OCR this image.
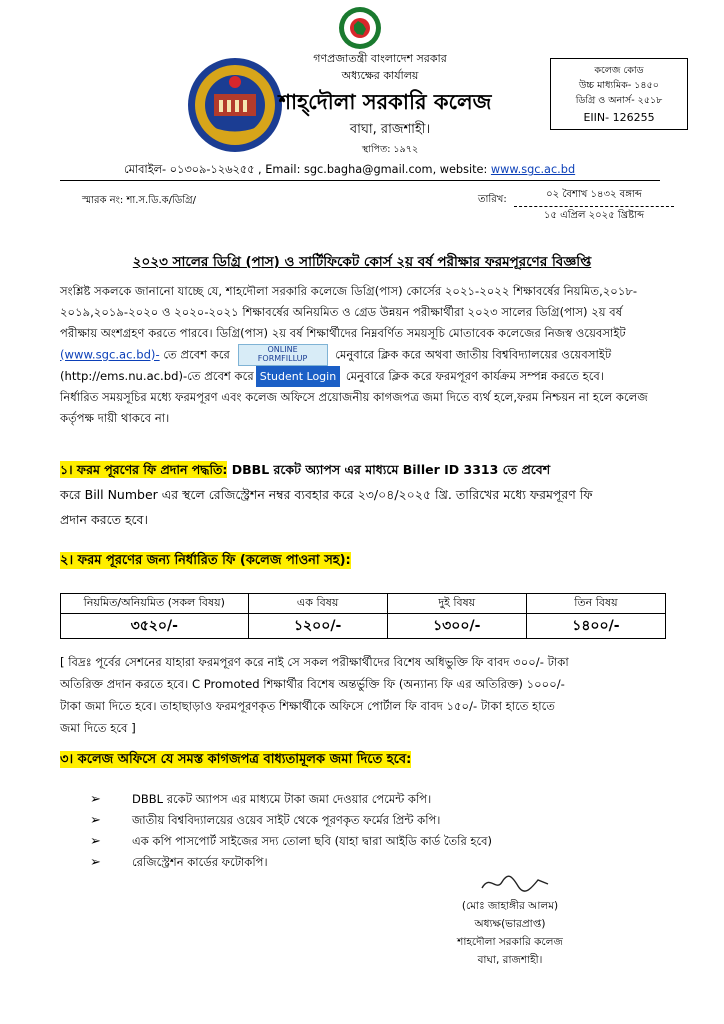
গণপ্রজাতন্ত্রী বাংলাদেশ সরকার
অধ্যক্ষের কার্যালয়
শাহ্‌দৌলা সরকারি কলেজ
বাঘা, রাজশাহী।
স্থাপিত: ১৯৭২
কলেজ কোড
উচ্চ মাধ্যমিক- ১৪৫০
ডিগ্রি ও অনার্স- ২৫১৮
EIIN- 126255
মোবাইল- ০১৩০৯-১২৬২৫৫ , Email: sgc.bagha@gmail.com, website: www.sgc.ac.bd
স্মারক নং: শা.স.ডি.ক/ডিগ্রি/	তারিখ:	০২ বৈশাখ ১৪৩২ বঙ্গাব্দ
১৫ এপ্রিল ২০২৫ খ্রিষ্টাব্দ
২০২৩ সালের ডিগ্রি (পাস) ও সার্টিফিকেট কোর্স ২য় বর্ষ পরীক্ষার ফরমপূরণের বিজ্ঞপ্তি
সংশ্লিষ্ট সকলকে জানানো যাচ্ছে যে, শাহদৌলা সরকারি কলেজে ডিগ্রি(পাস) কোর্সের ২০২১-২০২২ শিক্ষাবর্ষের নিয়মিত,২০১৮-
২০১৯,২০১৯-২০২০ ও ২০২০-২০২১ শিক্ষাবর্ষের অনিয়মিত ও গ্রেড উন্নয়ন পরীক্ষার্থীরা ২০২৩ সালের ডিগ্রি(পাস) ২য় বর্ষ
পরীক্ষায় অংশগ্রহণ করতে পারবে। ডিগ্রি(পাস) ২য় বর্ষ শিক্ষার্থীদের নিম্নবর্ণিত সময়সূচি মোতাবেক কলেজের নিজস্ব ওয়েবসাইট
(www.sgc.ac.bd)- তে প্রবেশ করে	ONLINE
FORMFILLUP	মেনুবারে ক্লিক করে অথবা জাতীয় বিশ্ববিদ্যালয়ের ওয়েবসাইট
(http://ems.nu.ac.bd)-তে প্রবেশ করে Student Login মেনুবারে ক্লিক করে ফরমপূরণ কার্যক্রম সম্পন্ন করতে হবে।
নির্ধারিত সময়সূচির মধ্যে ফরমপূরণ এবং কলেজ অফিসে প্রয়োজনীয় কাগজপত্র জমা দিতে ব্যর্থ হলে,ফরম নিশ্চয়ন না হলে কলেজ
কর্তৃপক্ষ দায়ী থাকবে না।
১। ফরম পূরণের ফি প্রদান পদ্ধতি: DBBL রকেট অ্যাপস এর মাধ্যমে Biller ID 3313 তে প্রবেশ
করে Bill Number এর স্থলে রেজিস্ট্রেশন নম্বর ব্যবহার করে ২৩/০৪/২০২৫ খ্রি. তারিখের মধ্যে ফরমপূরণ ফি
প্রদান করতে হবে।
২। ফরম পূরণের জন্য নির্ধারিত ফি (কলেজ পাওনা সহ):
নিয়মিত/অনিয়মিত (সকল বিষয়)	এক বিষয়	দুই বিষয়	তিন বিষয়
৩৫২০/-	১২০০/-	১৩০০/-	১৪০০/-
[ বিদ্রঃ পূর্বের সেশনের যাহারা ফরমপূরণ করে নাই সে সকল পরীক্ষার্থীদের বিশেষ অধিভুক্তি ফি বাবদ ৩০০/- টাকা
অতিরিক্ত প্রদান করতে হবে। C Promoted শিক্ষার্থীর বিশেষ অন্তর্ভুক্তি ফি (অন্যান্য ফি এর অতিরিক্ত) ১০০০/-
টাকা জমা দিতে হবে। তাহাছাড়াও ফরমপূরণকৃত শিক্ষার্থীকে অফিসে পোর্টাল ফি বাবদ ১৫০/- টাকা হাতে হাতে
জমা দিতে হবে ]
৩। কলেজ অফিসে যে সমস্ত কাগজপত্র বাধ্যতামূলক জমা দিতে হবে:
➢	DBBL রকেট অ্যাপস এর মাধ্যমে টাকা জমা দেওয়ার পেমেন্ট কপি।
➢	জাতীয় বিশ্ববিদ্যালয়ের ওয়েব সাইট থেকে পূরণকৃত ফর্মের প্রিন্ট কপি।
➢	এক কপি পাসপোর্ট সাইজের সদ্য তোলা ছবি (যাহা দ্বারা আইডি কার্ড তৈরি হবে)
➢	রেজিস্ট্রেশন কার্ডের ফটোকপি।
(মোঃ জাহাঙ্গীর আলম)
অধ্যক্ষ(ভারপ্রাপ্ত)
শাহদৌলা সরকারি কলেজ
বাঘা, রাজশাহী।
